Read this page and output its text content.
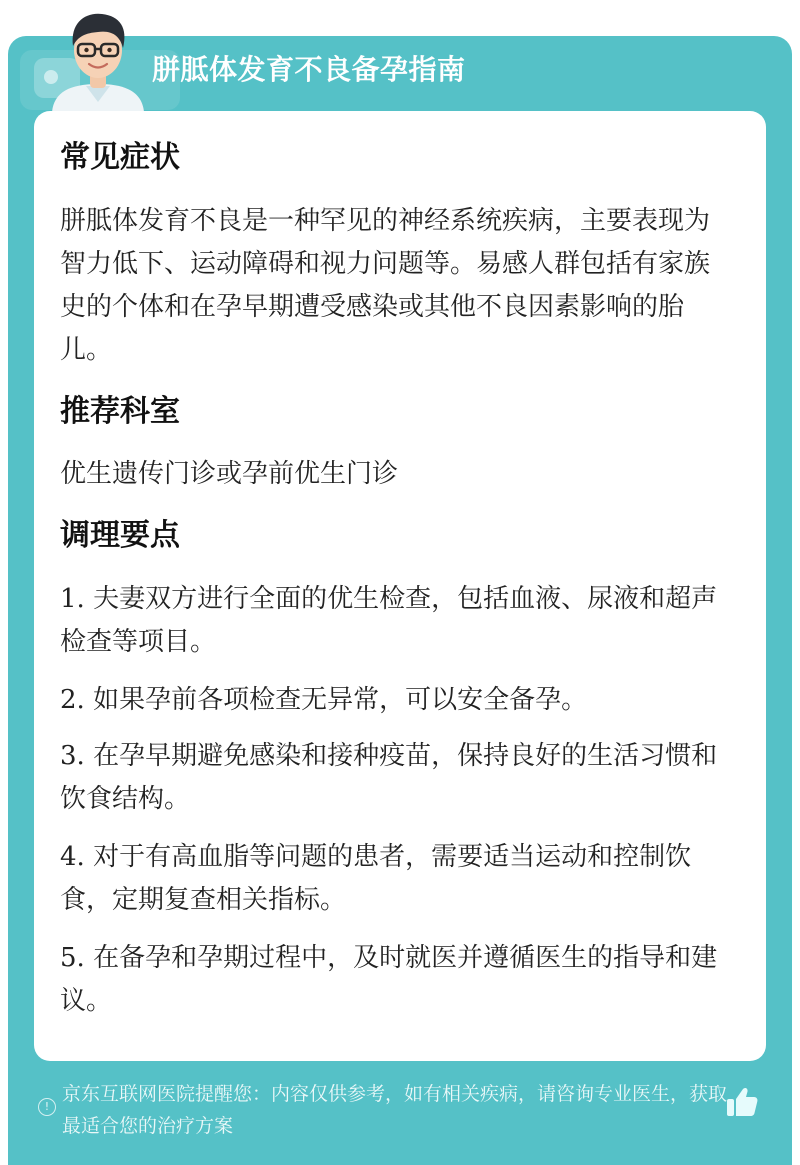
胼胝体发育不良备孕指南
常见症状
胼胝体发育不良是一种罕见的神经系统疾病，主要表现为智力低下、运动障碍和视力问题等。易感人群包括有家族史的个体和在孕早期遭受感染或其他不良因素影响的胎儿。
推荐科室
优生遗传门诊或孕前优生门诊
调理要点
1. 夫妻双方进行全面的优生检查，包括血液、尿液和超声检查等项目。
2. 如果孕前各项检查无异常，可以安全备孕。
3. 在孕早期避免感染和接种疫苗，保持良好的生活习惯和饮食结构。
4. 对于有高血脂等问题的患者，需要适当运动和控制饮食，定期复查相关指标。
5. 在备孕和孕期过程中，及时就医并遵循医生的指导和建议。
!
京东互联网医院提醒您：内容仅供参考，如有相关疾病，请咨询专业医生，获取最适合您的治疗方案
